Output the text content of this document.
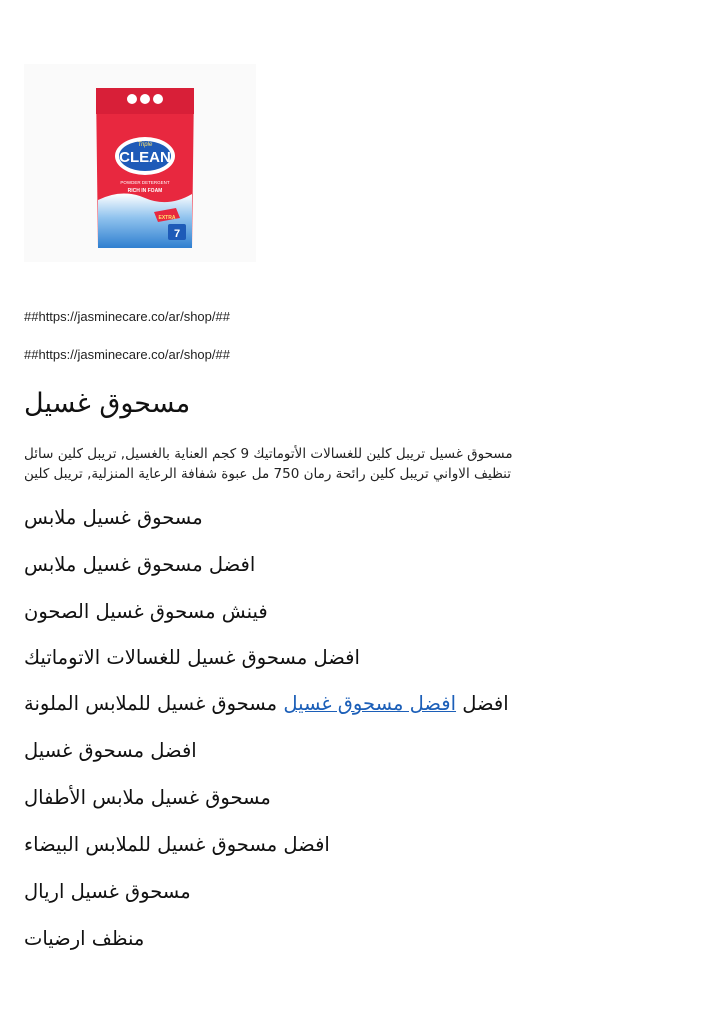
Triple
CLEAN
POWDER DETERGENT
RICH IN FOAM
EXTRA
7
##https://jasminecare.co/ar/shop/##
##https://jasminecare.co/ar/shop/##
مسحوق غسيل

مسحوق غسيل تريبل كلين للغسالات الأتوماتيك 9 كجم العناية بالغسيل, تريبل كلين سائل

تنظيف الاواني تريبل كلين رائحة رمان 750 مل عبوة شفافة الرعاية المنزلية, تريبل كلين

مسحوق غسيل ملابس
افضل مسحوق غسيل ملابس
فينش مسحوق غسيل الصحون
افضل مسحوق غسيل للغسالات الاتوماتيك
افضل افضل مسحوق غسيل مسحوق غسيل للملابس الملونة
افضل مسحوق غسيل
مسحوق غسيل ملابس الأطفال
افضل مسحوق غسيل للملابس البيضاء
مسحوق غسيل اريال
منظف ارضيات
